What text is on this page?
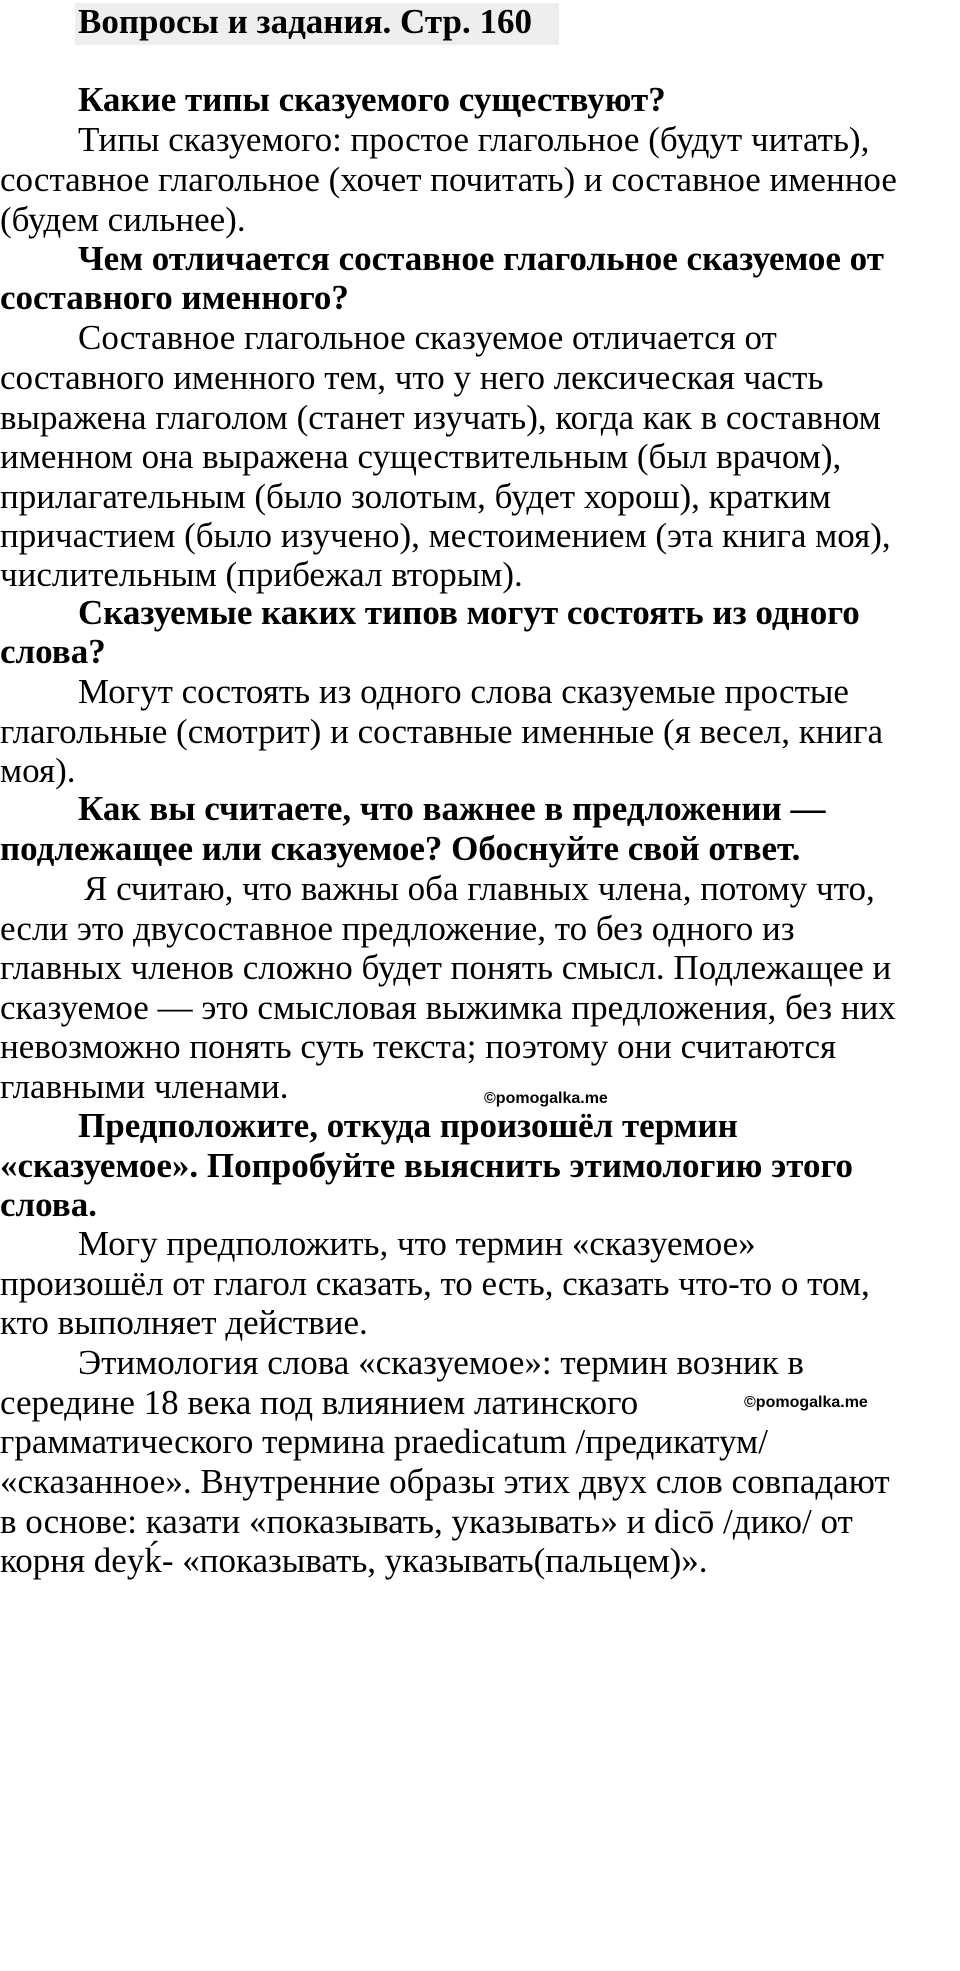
Вопросы и задания. Стр. 160
Какие типы сказуемого существуют?
Типы сказуемого: простое глагольное (будут читать),
составное глагольное (хочет почитать) и составное именное
(будем сильнее).
Чем отличается составное глагольное сказуемое от
составного именного?
Составное глагольное сказуемое отличается от
составного именного тем, что у него лексическая часть
выражена глаголом (станет изучать), когда как в составном
именном она выражена существительным (был врачом),
прилагательным (было золотым, будет хорош), кратким
причастием (было изучено), местоимением (эта книга моя),
числительным (прибежал вторым).
Сказуемые каких типов могут состоять из одного
слова?
Могут состоять из одного слова сказуемые простые
глагольные (смотрит) и составные именные (я весел, книга
моя).
Как вы считаете, что важнее в предложении —
подлежащее или сказуемое? Обоснуйте свой ответ.
Я считаю, что важны оба главных члена, потому что,
если это двусоставное предложение, то без одного из
главных членов сложно будет понять смысл. Подлежащее и
сказуемое — это смысловая выжимка предложения, без них
невозможно понять суть текста; поэтому они считаются
главными членами.	©pomogalka.me
Предположите, откуда произошёл термин
«сказуемое». Попробуйте выяснить этимологию этого
слова.
Могу предположить, что термин «сказуемое»
произошёл от глагол сказать, то есть, сказать что-то о том,
кто выполняет действие.
Этимология слова «сказуемое»: термин возник в
середине 18 века под влиянием латинского	©pomogalka.me
грамматического термина praedicatum /предикатум/
«сказанное». Внутренние образы этих двух слов совпадают
в основе: казати «показывать, указывать» и dicō /дико/ от
корня deyḱ- «показывать, указывать(пальцем)».
